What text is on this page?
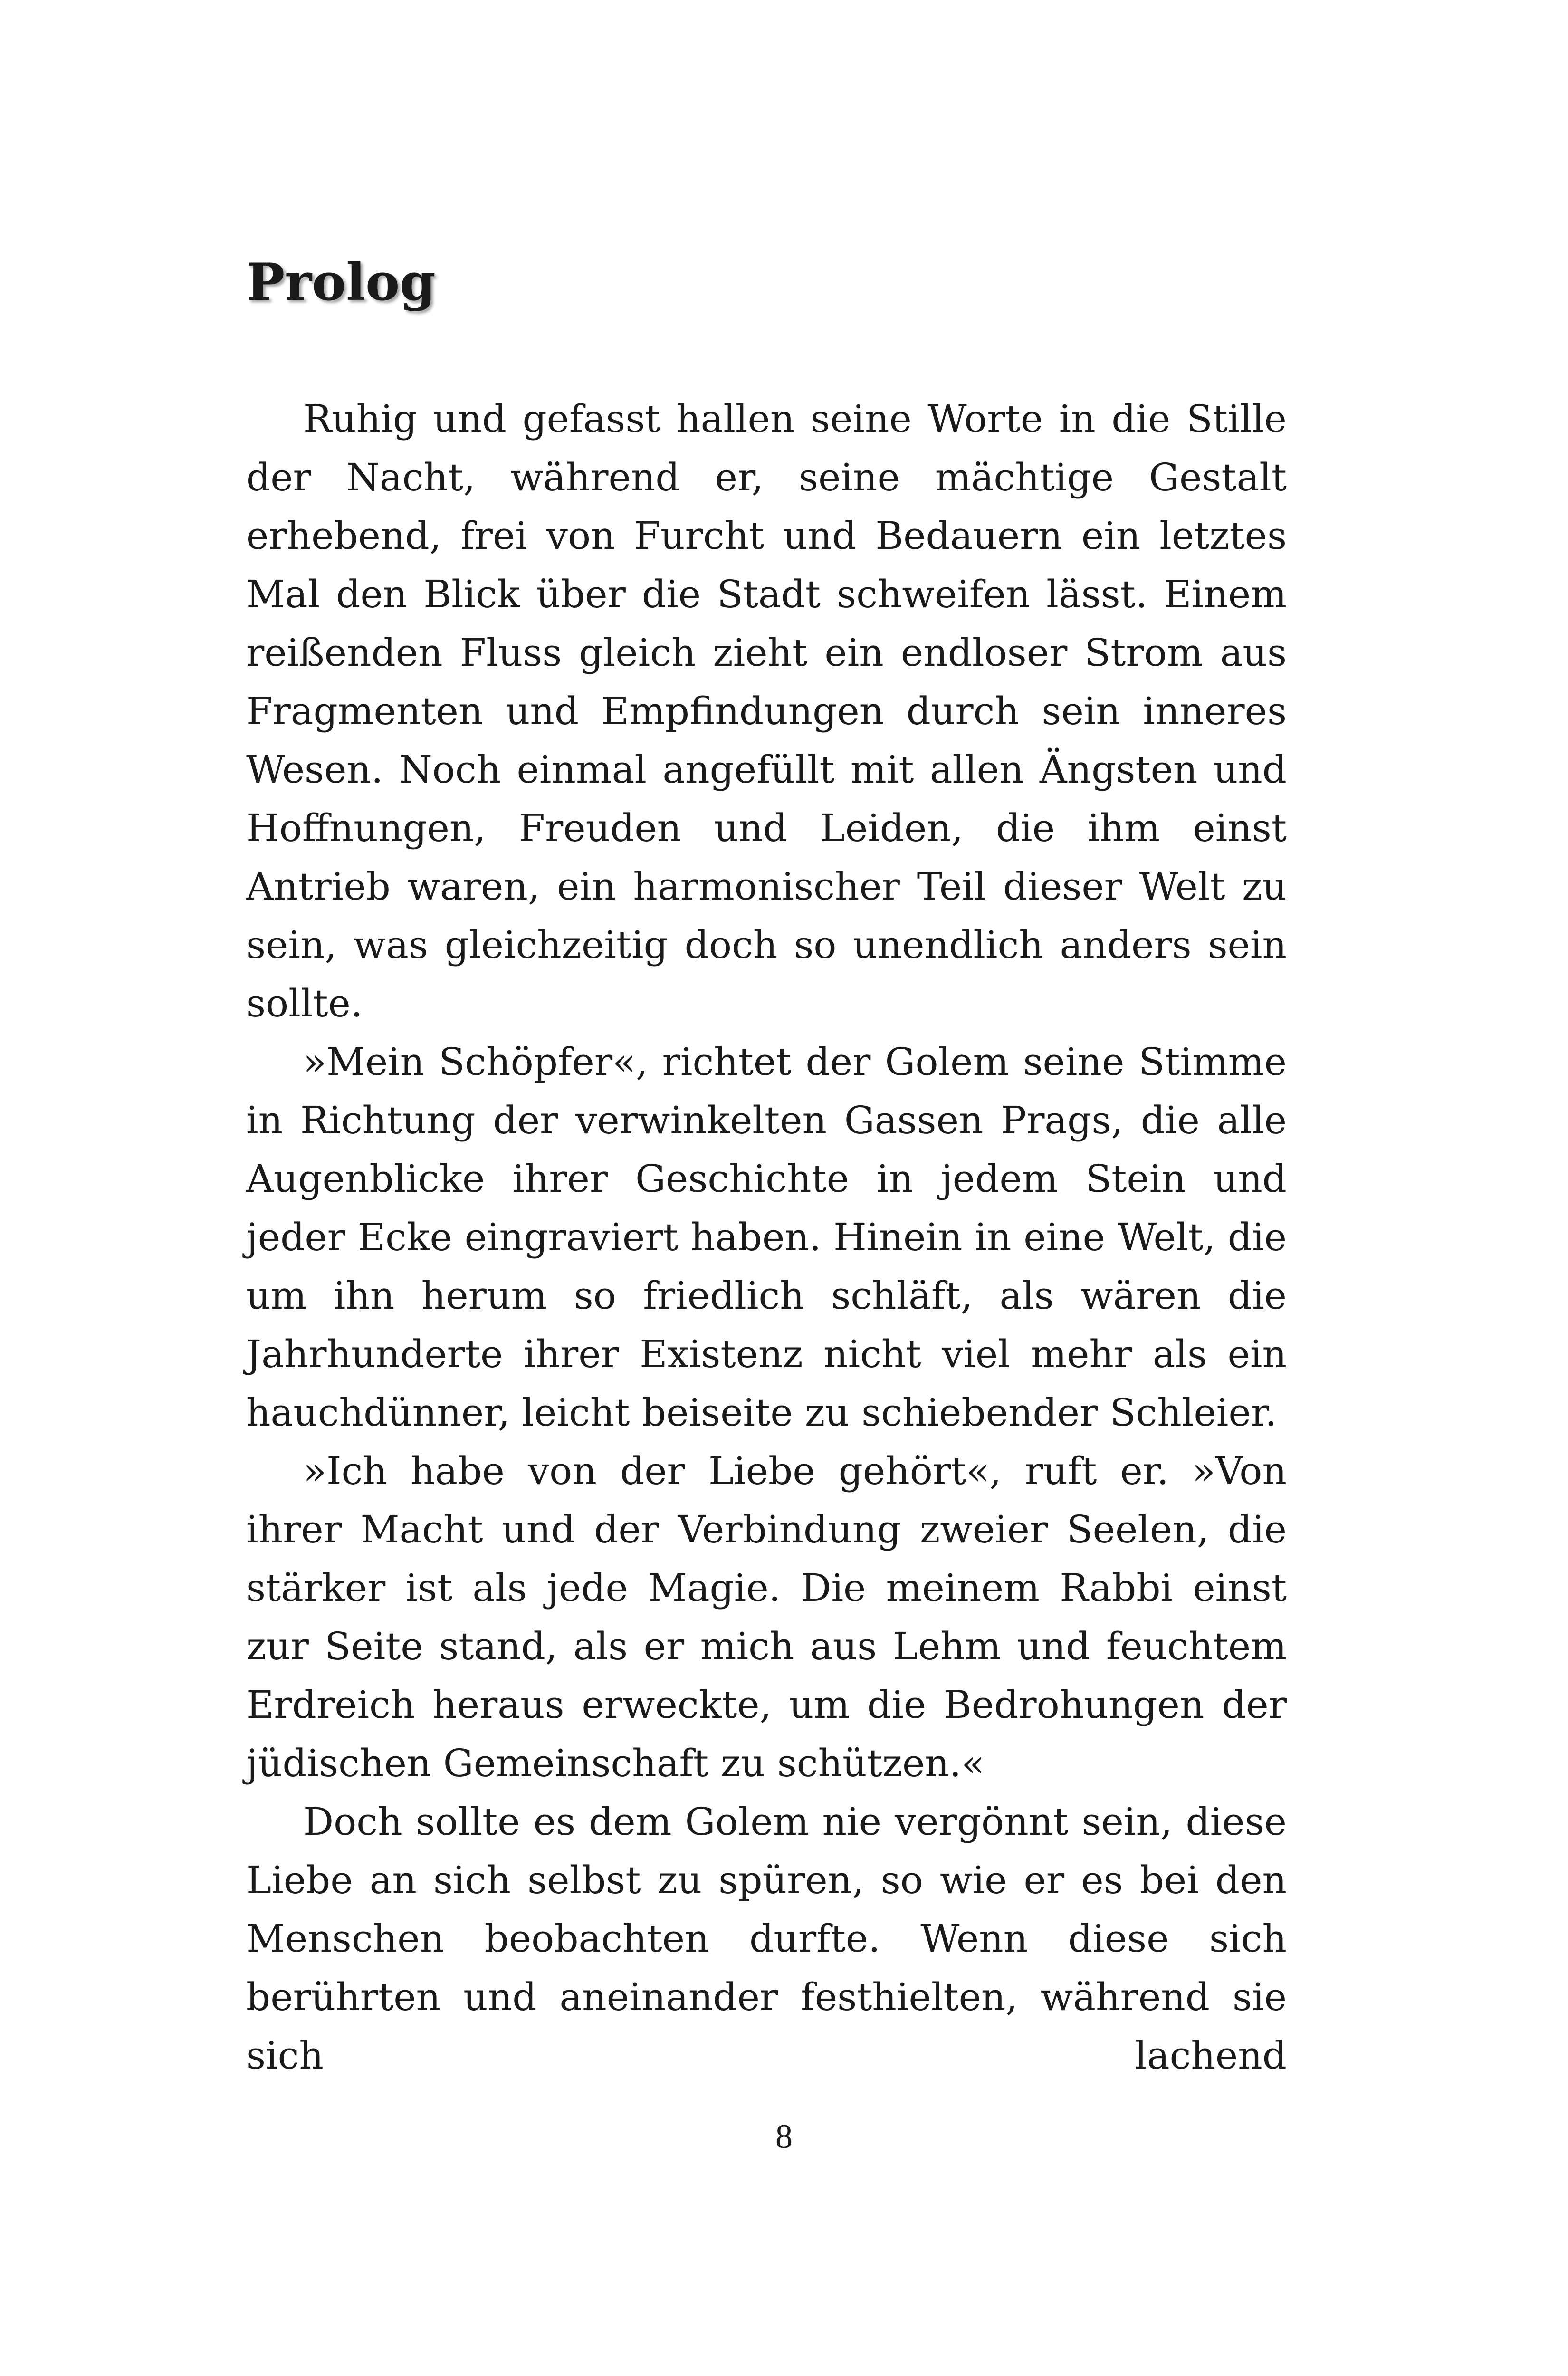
Prolog

Ruhig und gefasst hallen seine Worte in die Stille der Nacht, während er, seine mächtige Gestalt erhebend, frei von Furcht und Bedauern ein letztes Mal den Blick über die Stadt schweifen lässt. Einem reißenden Fluss gleich zieht ein endloser Strom aus Fragmenten und Empfindungen durch sein inneres Wesen. Noch einmal angefüllt mit allen Ängsten und Hoffnungen, Freuden und Leiden, die ihm einst Antrieb waren, ein harmonischer Teil dieser Welt zu sein, was gleichzeitig doch so unendlich anders sein sollte.

»Mein Schöpfer«, richtet der Golem seine Stimme in Richtung der verwinkelten Gassen Prags, die alle Augenblicke ihrer Geschichte in jedem Stein und jeder Ecke eingraviert haben. Hinein in eine Welt, die um ihn herum so friedlich schläft, als wären die Jahrhunderte ihrer Existenz nicht viel mehr als ein hauchdünner, leicht beiseite zu schiebender Schleier.

»Ich habe von der Liebe gehört«, ruft er. »Von ihrer Macht und der Verbindung zweier Seelen, die stärker ist als jede Magie. Die meinem Rabbi einst zur Seite stand, als er mich aus Lehm und feuchtem Erdreich heraus erweckte, um die Bedrohungen der jüdischen Gemeinschaft zu schützen.«

Doch sollte es dem Golem nie vergönnt sein, diese Liebe an sich selbst zu spüren, so wie er es bei den Menschen beobachten durfte. Wenn diese sich berührten und aneinander festhielten, während sie sich lachend

8
